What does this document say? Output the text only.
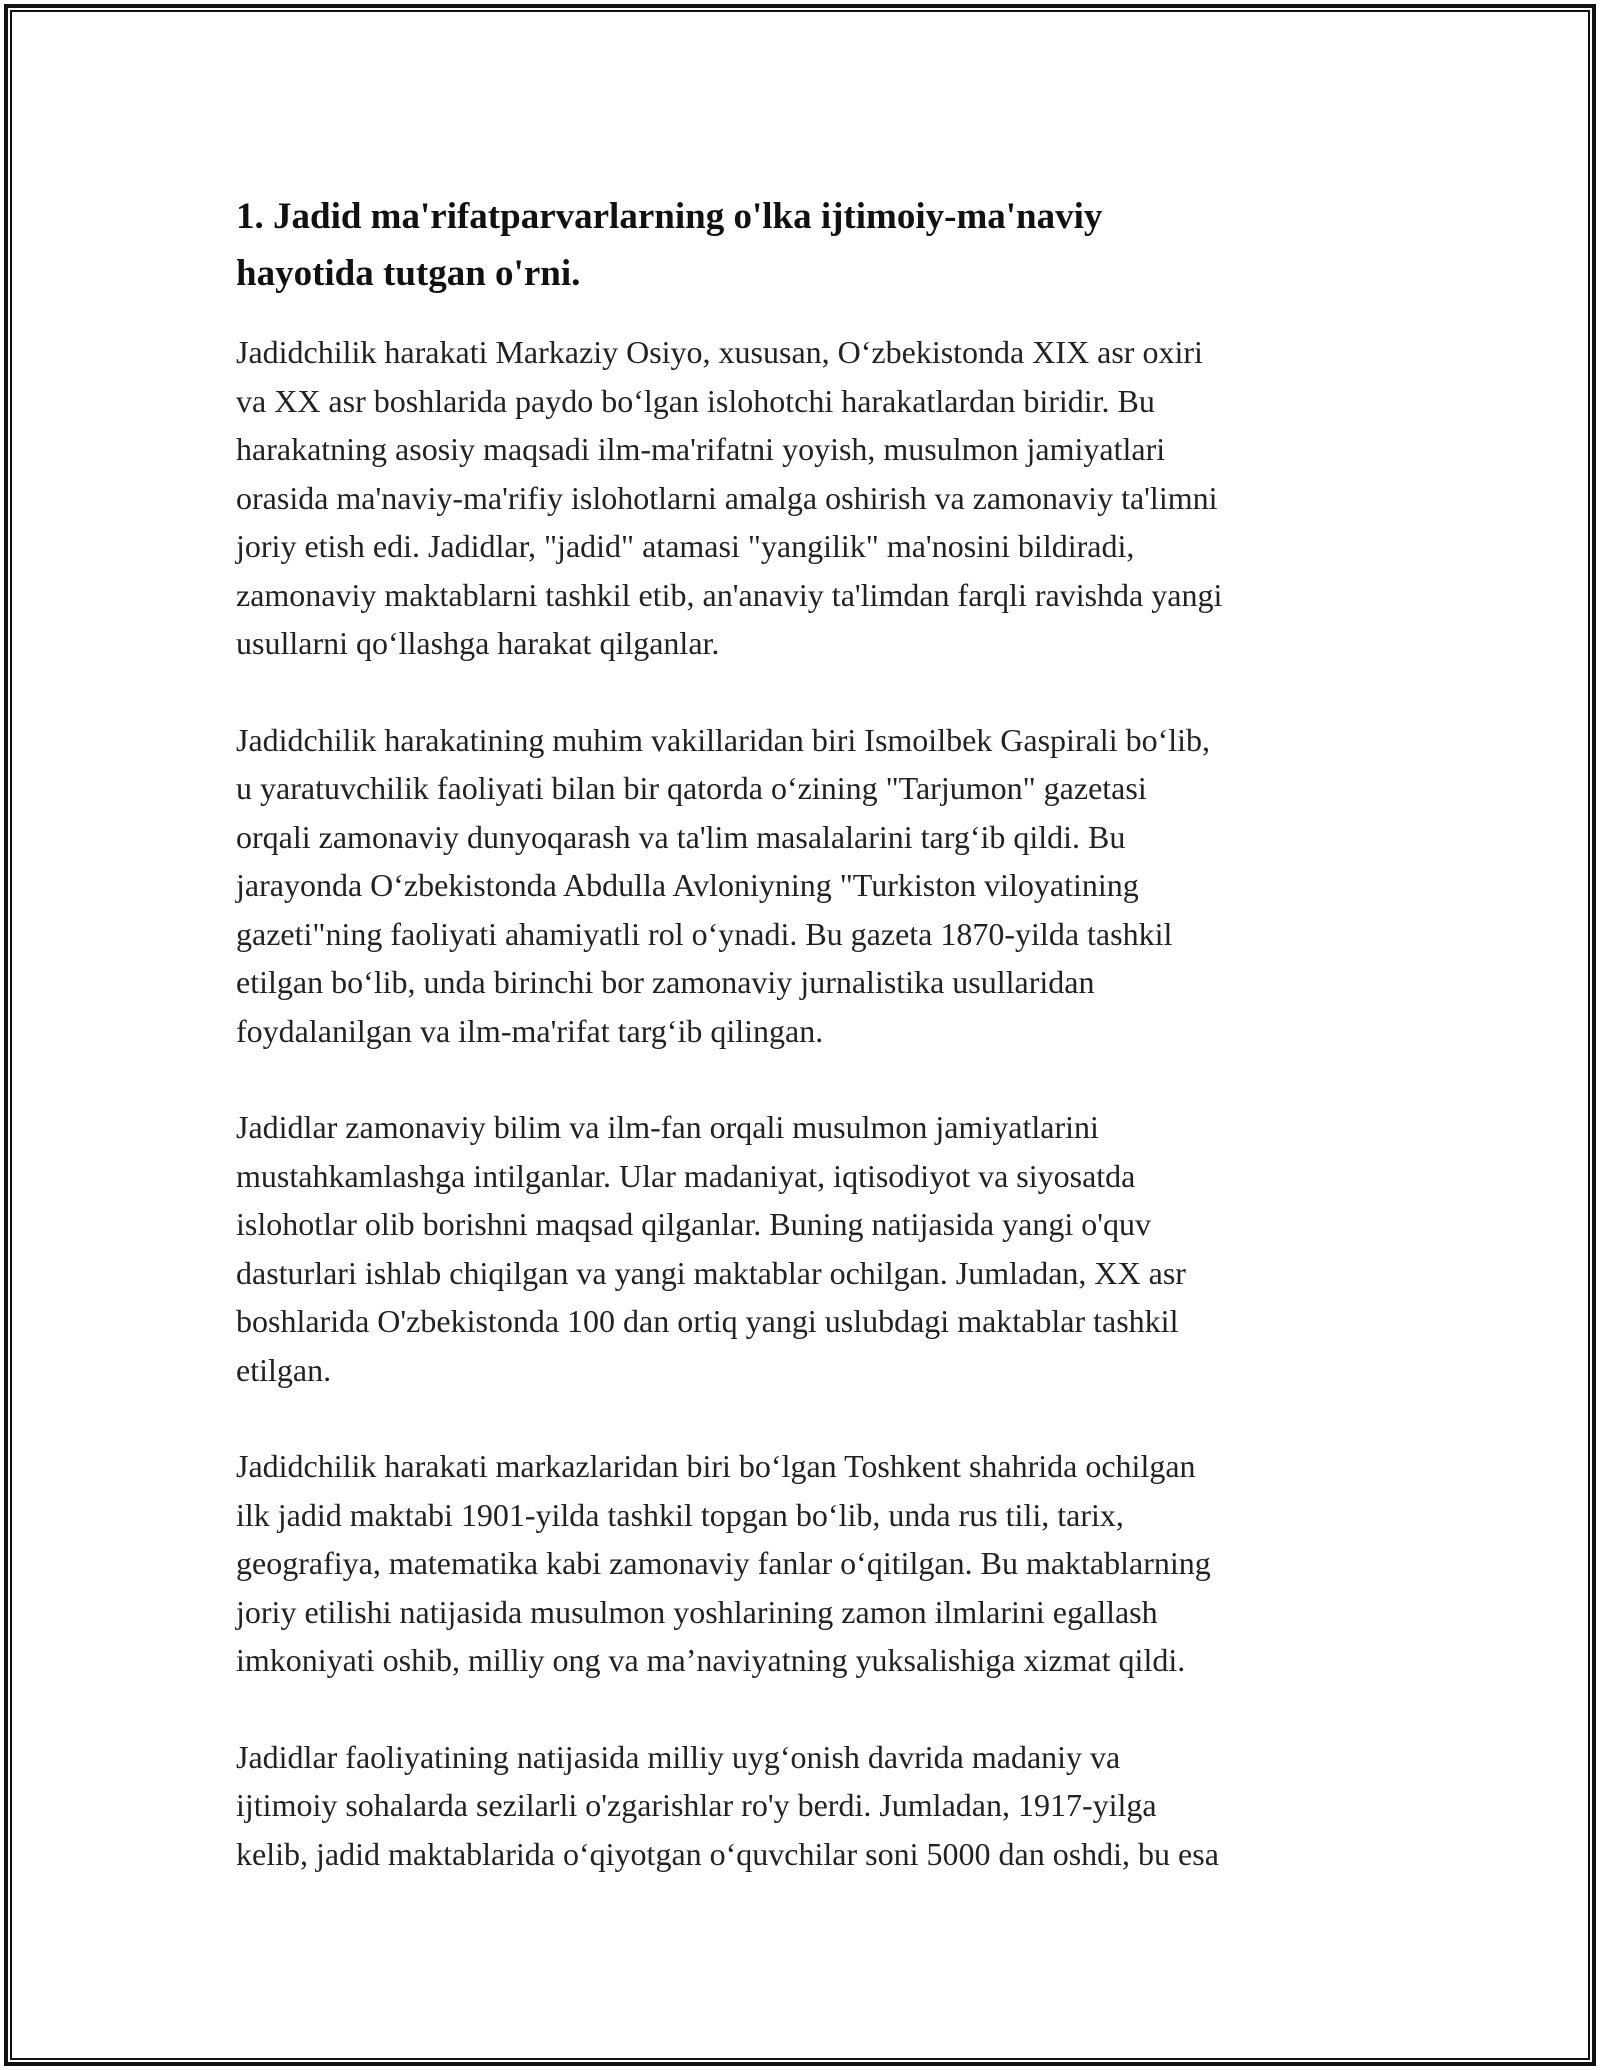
1. Jadid ma'rifatparvarlarning o'lka ijtimoiy-ma'naviy
hayotida tutgan o'rni.

Jadidchilik harakati Markaziy Osiyo, xususan, O‘zbekistonda XIX asr oxiri
va XX asr boshlarida paydo bo‘lgan islohotchi harakatlardan biridir. Bu
harakatning asosiy maqsadi ilm-ma'rifatni yoyish, musulmon jamiyatlari
orasida ma'naviy-ma'rifiy islohotlarni amalga oshirish va zamonaviy ta'limni
joriy etish edi. Jadidlar, "jadid" atamasi "yangilik" ma'nosini bildiradi,
zamonaviy maktablarni tashkil etib, an'anaviy ta'limdan farqli ravishda yangi
usullarni qo‘llashga harakat qilganlar.

Jadidchilik harakatining muhim vakillaridan biri Ismoilbek Gaspirali bo‘lib,
u yaratuvchilik faoliyati bilan bir qatorda o‘zining "Tarjumon" gazetasi
orqali zamonaviy dunyoqarash va ta'lim masalalarini targ‘ib qildi. Bu
jarayonda O‘zbekistonda Abdulla Avloniyning "Turkiston viloyatining
gazeti"ning faoliyati ahamiyatli rol o‘ynadi. Bu gazeta 1870-yilda tashkil
etilgan bo‘lib, unda birinchi bor zamonaviy jurnalistika usullaridan
foydalanilgan va ilm-ma'rifat targ‘ib qilingan.

Jadidlar zamonaviy bilim va ilm-fan orqali musulmon jamiyatlarini
mustahkamlashga intilganlar. Ular madaniyat, iqtisodiyot va siyosatda
islohotlar olib borishni maqsad qilganlar. Buning natijasida yangi o'quv
dasturlari ishlab chiqilgan va yangi maktablar ochilgan. Jumladan, XX asr
boshlarida O'zbekistonda 100 dan ortiq yangi uslubdagi maktablar tashkil
etilgan.

Jadidchilik harakati markazlaridan biri bo‘lgan Toshkent shahrida ochilgan
ilk jadid maktabi 1901-yilda tashkil topgan bo‘lib, unda rus tili, tarix,
geografiya, matematika kabi zamonaviy fanlar o‘qitilgan. Bu maktablarning
joriy etilishi natijasida musulmon yoshlarining zamon ilmlarini egallash
imkoniyati oshib, milliy ong va ma’naviyatning yuksalishiga xizmat qildi.

Jadidlar faoliyatining natijasida milliy uyg‘onish davrida madaniy va
ijtimoiy sohalarda sezilarli o'zgarishlar ro'y berdi. Jumladan, 1917-yilga
kelib, jadid maktablarida o‘qiyotgan o‘quvchilar soni 5000 dan oshdi, bu esa
